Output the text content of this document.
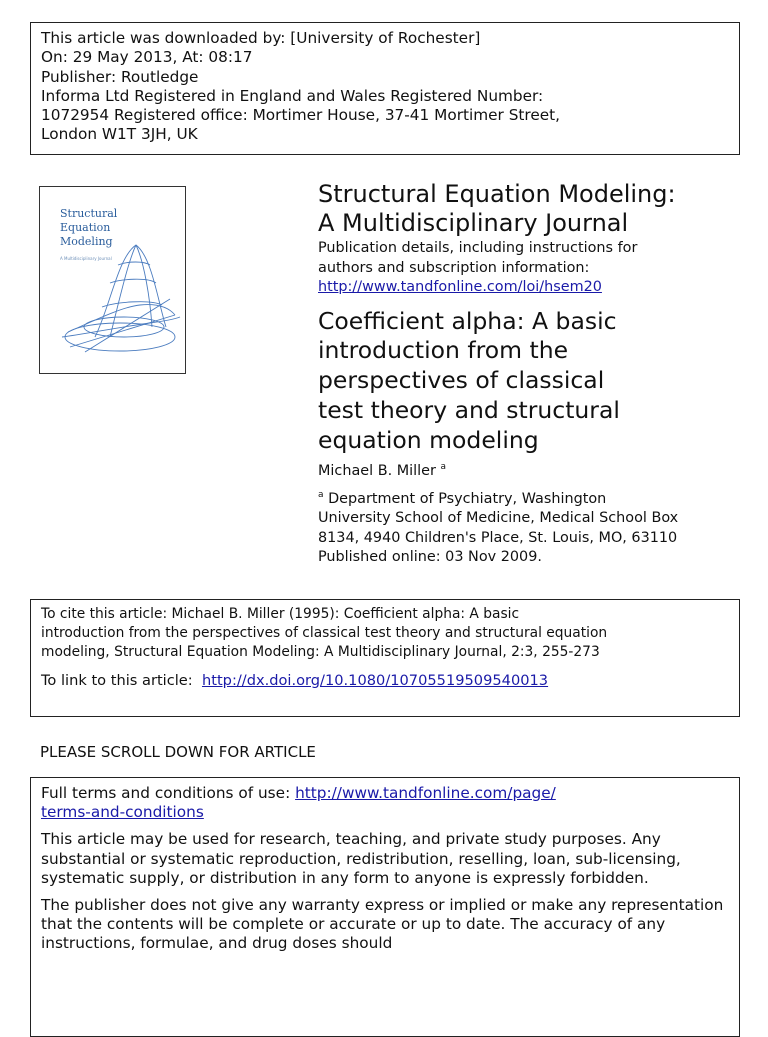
This article was downloaded by: [University of Rochester]
On: 29 May 2013, At: 08:17
Publisher: Routledge
Informa Ltd Registered in England and Wales Registered Number:
1072954 Registered office: Mortimer House, 37-41 Mortimer Street,
London W1T 3JH, UK
Structural
Equation
Modeling
A Multidisciplinary Journal
Structural Equation Modeling:
A Multidisciplinary Journal
Publication details, including instructions for
authors and subscription information:
http://www.tandfonline.com/loi/hsem20
Coefficient alpha: A basic
introduction from the
perspectives of classical
test theory and structural
equation modeling
Michael B. Miller $^a$
$^a$ Department of Psychiatry, Washington
University School of Medicine, Medical School Box
8134, 4940 Children's Place, St. Louis, MO, 63110
Published online: 03 Nov 2009.
To cite this article: Michael B. Miller (1995): Coefficient alpha: A basic
introduction from the perspectives of classical test theory and structural equation
modeling, Structural Equation Modeling: A Multidisciplinary Journal, 2:3, 255-273
To link to this article: http://dx.doi.org/10.1080/10705519509540013
PLEASE SCROLL DOWN FOR ARTICLE

Full terms and conditions of use: http://www.tandfonline.com/page/
terms-and-conditions

This article may be used for research, teaching, and private study purposes. Any substantial or systematic reproduction, redistribution, reselling, loan, sub-licensing, systematic supply, or distribution in any form to anyone is expressly forbidden.

The publisher does not give any warranty express or implied or make any representation that the contents will be complete or accurate or up to date. The accuracy of any instructions, formulae, and drug doses should
